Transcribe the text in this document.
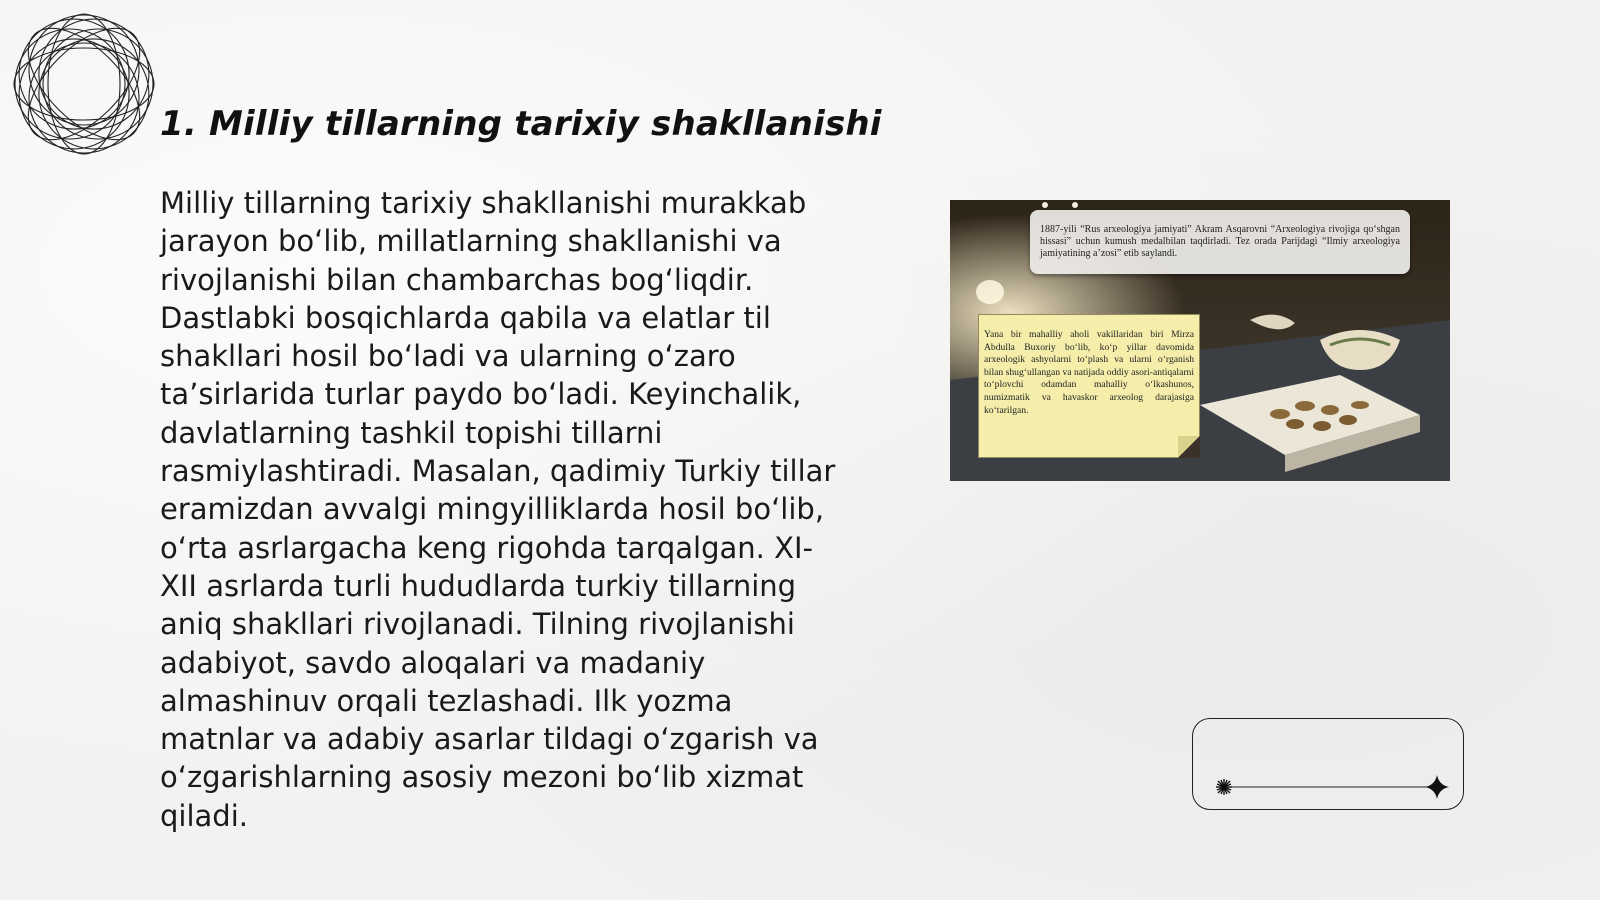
1. Milliy tillarning tarixiy shakllanishi
Milliy tillarning tarixiy shakllanishi murakkab jarayon boʻlib, millatlarning shakllanishi va rivojlanishi bilan chambarchas bogʻliqdir. Dastlabki bosqichlarda qabila va elatlar til shakllari hosil boʻladi va ularning oʻzaro taʼsirlarida turlar paydo boʻladi. Keyinchalik, davlatlarning tashkil topishi tillarni rasmiylashtiradi. Masalan, qadimiy Turkiy tillar eramizdan avvalgi mingyilliklarda hosil boʻlib, oʻrta asrlargacha keng rigohda tarqalgan. XI-XII asrlarda turli hududlarda turkiy tillarning aniq shakllari rivojlanadi. Tilning rivojlanishi adabiyot, savdo aloqalari va madaniy almashinuv orqali tezlashadi. Ilk yozma matnlar va adabiy asarlar tildagi oʻzgarish va oʻzgarishlarning asosiy mezoni boʻlib xizmat qiladi.
1887-yili “Rus arxeologiya jamiyati” Akram Asqarovni “Arxeologiya rivojiga qo‘shgan hissasi” uchun kumush medalbilan taqdirladi. Tez orada Parijdagi “Ilmiy arxeologiya jamiyatining a’zosi” etib saylandi.
Yana bir mahalliy aholi vakillaridan biri Mirza Abdulla Buxoriy bo‘lib, ko‘p yillar davomida arxeologik ashyolarni to‘plash va ularni o‘rganish bilan shug‘ullangan va natijada oddiy asori-antiqalarni to‘plovchi odamdan mahalliy o‘lkashunos, numizmatik va havaskor arxeolog darajasiga ko‘tarilgan.
